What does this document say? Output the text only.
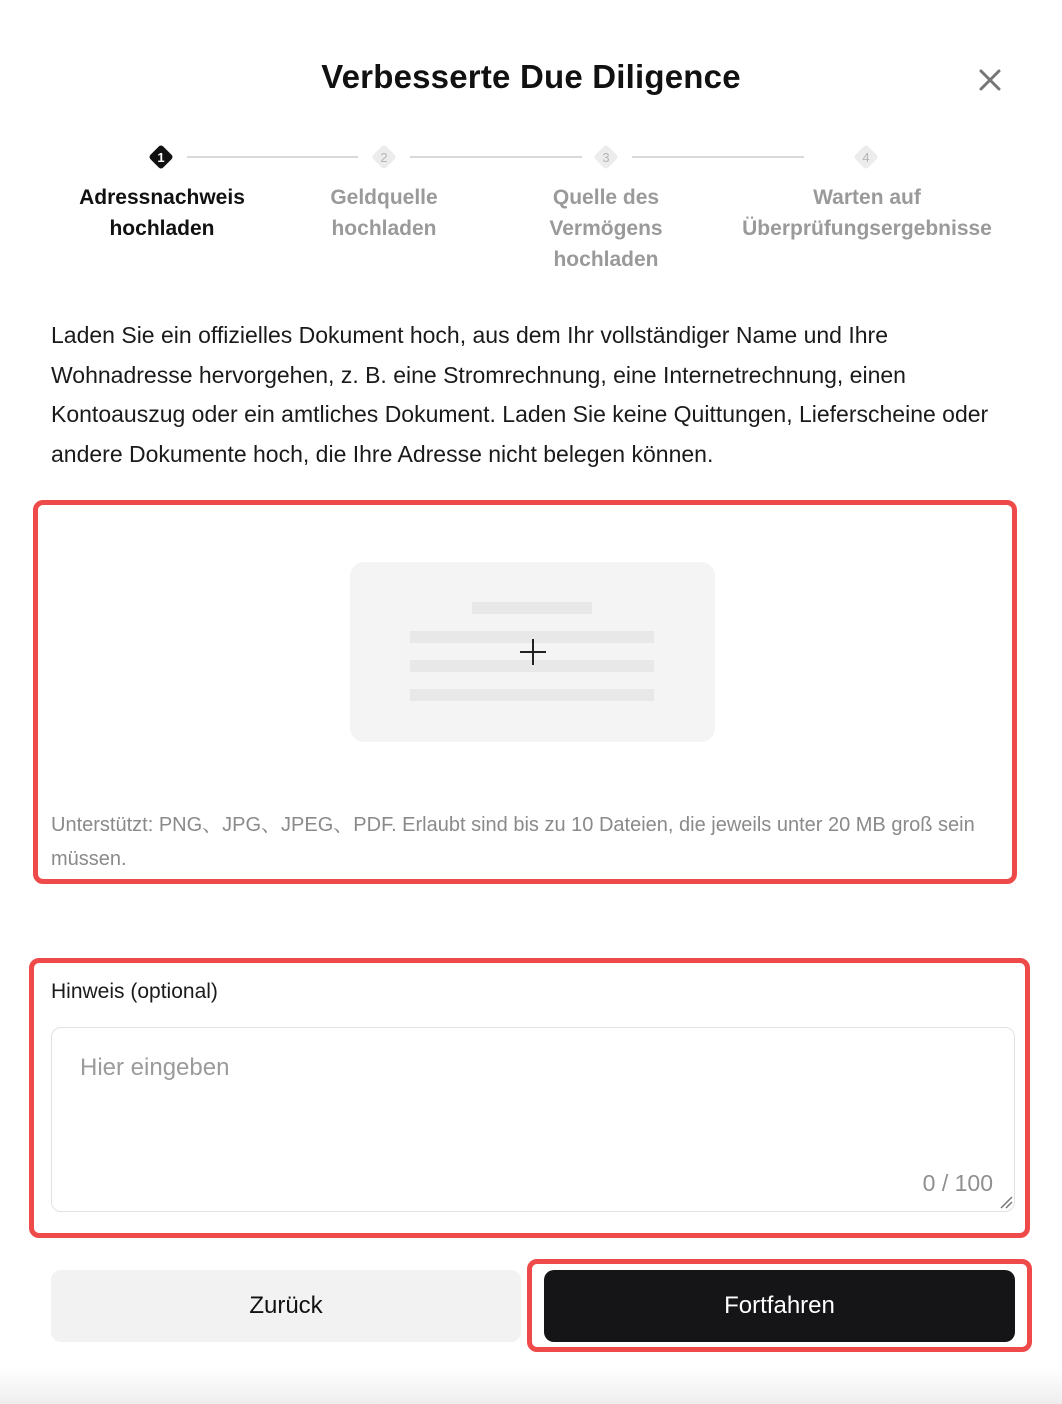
Verbesserte Due Diligence
1	2	3	4
Adressnachweis hochladen
Geldquelle hochladen
Quelle des Vermögens hochladen
Warten auf Überprüfungsergebnisse
Laden Sie ein offizielles Dokument hoch, aus dem Ihr vollständiger Name und Ihre Wohnadresse hervorgehen, z. B. eine Stromrechnung, eine Internetrechnung, einen Kontoauszug oder ein amtliches Dokument. Laden Sie keine Quittungen, Lieferscheine oder andere Dokumente hoch, die Ihre Adresse nicht belegen können.
Unterstützt: PNG、JPG、JPEG、PDF. Erlaubt sind bis zu 10 Dateien, die jeweils unter 20 MB groß sein müssen.
Hinweis (optional)
Hier eingeben
0 / 100
Zurück	Fortfahren
